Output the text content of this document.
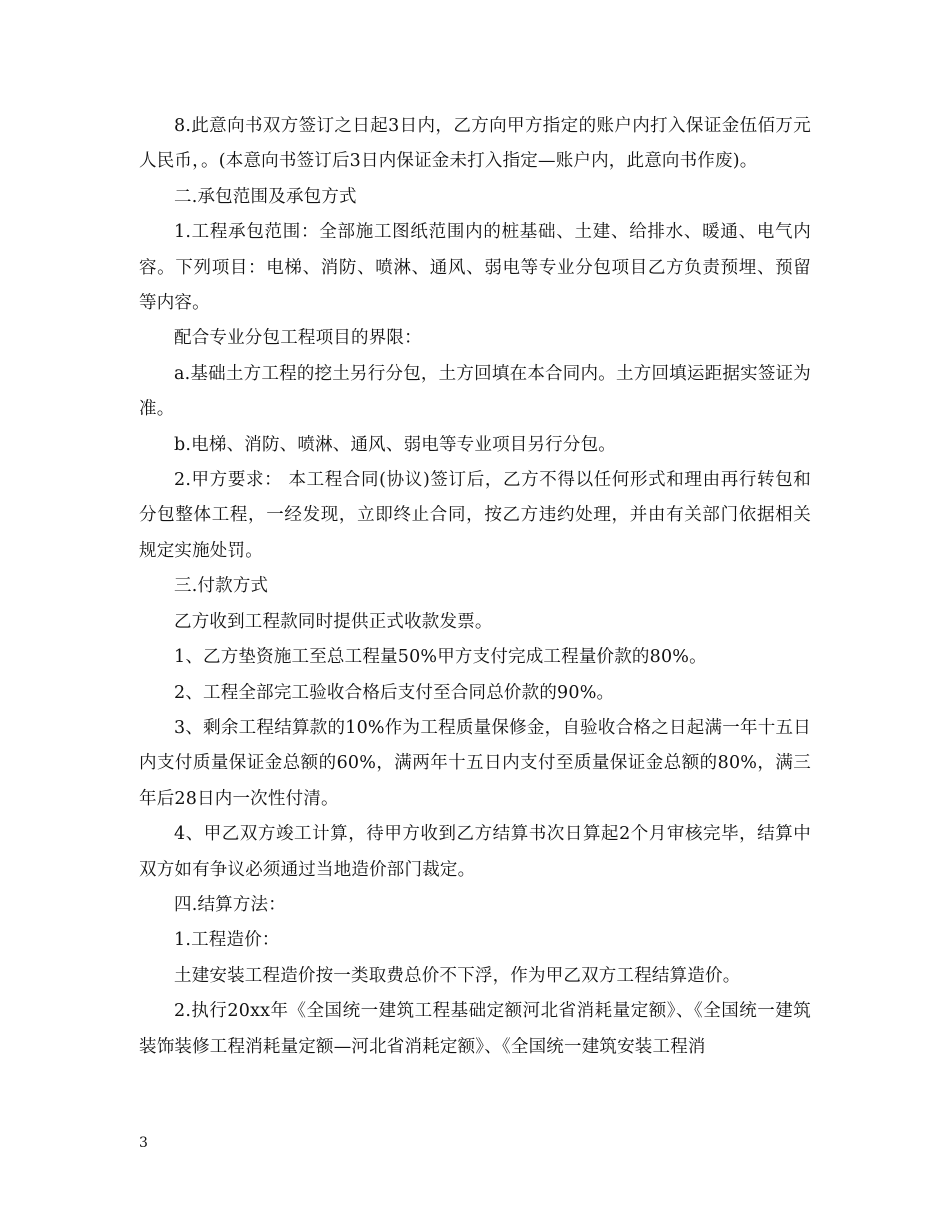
8.此意向书双方签订之日起3日内，乙方向甲方指定的账户内打入保证金伍佰万元人民币，。(本意向书签订后3日内保证金未打入指定—账户内，此意向书作废)。

二.承包范围及承包方式

1.工程承包范围：全部施工图纸范围内的桩基础、土建、给排水、暖通、电气内容。下列项目：电梯、消防、喷淋、通风、弱电等专业分包项目乙方负责预埋、预留等内容。

配合专业分包工程项目的界限：

a.基础土方工程的挖土另行分包，土方回填在本合同内。土方回填运距据实签证为准。

b.电梯、消防、喷淋、通风、弱电等专业项目另行分包。

2.甲方要求： 本工程合同(协议)签订后，乙方不得以任何形式和理由再行转包和分包整体工程，一经发现，立即终止合同，按乙方违约处理，并由有关部门依据相关规定实施处罚。

三.付款方式

乙方收到工程款同时提供正式收款发票。

1、乙方垫资施工至总工程量50%甲方支付完成工程量价款的80%。

2、工程全部完工验收合格后支付至合同总价款的90%。

3、剩余工程结算款的10%作为工程质量保修金，自验收合格之日起满一年十五日内支付质量保证金总额的60%，满两年十五日内支付至质量保证金总额的80%，满三年后28日内一次性付清。

4、甲乙双方竣工计算，待甲方收到乙方结算书次日算起2个月审核完毕，结算中双方如有争议必须通过当地造价部门裁定。

四.结算方法：

1.工程造价：

土建安装工程造价按一类取费总价不下浮，作为甲乙双方工程结算造价。

2.执行20xx年《全国统一建筑工程基础定额河北省消耗量定额》、《全国统一建筑装饰装修工程消耗量定额—河北省消耗定额》、《全国统一建筑安装工程消

3
